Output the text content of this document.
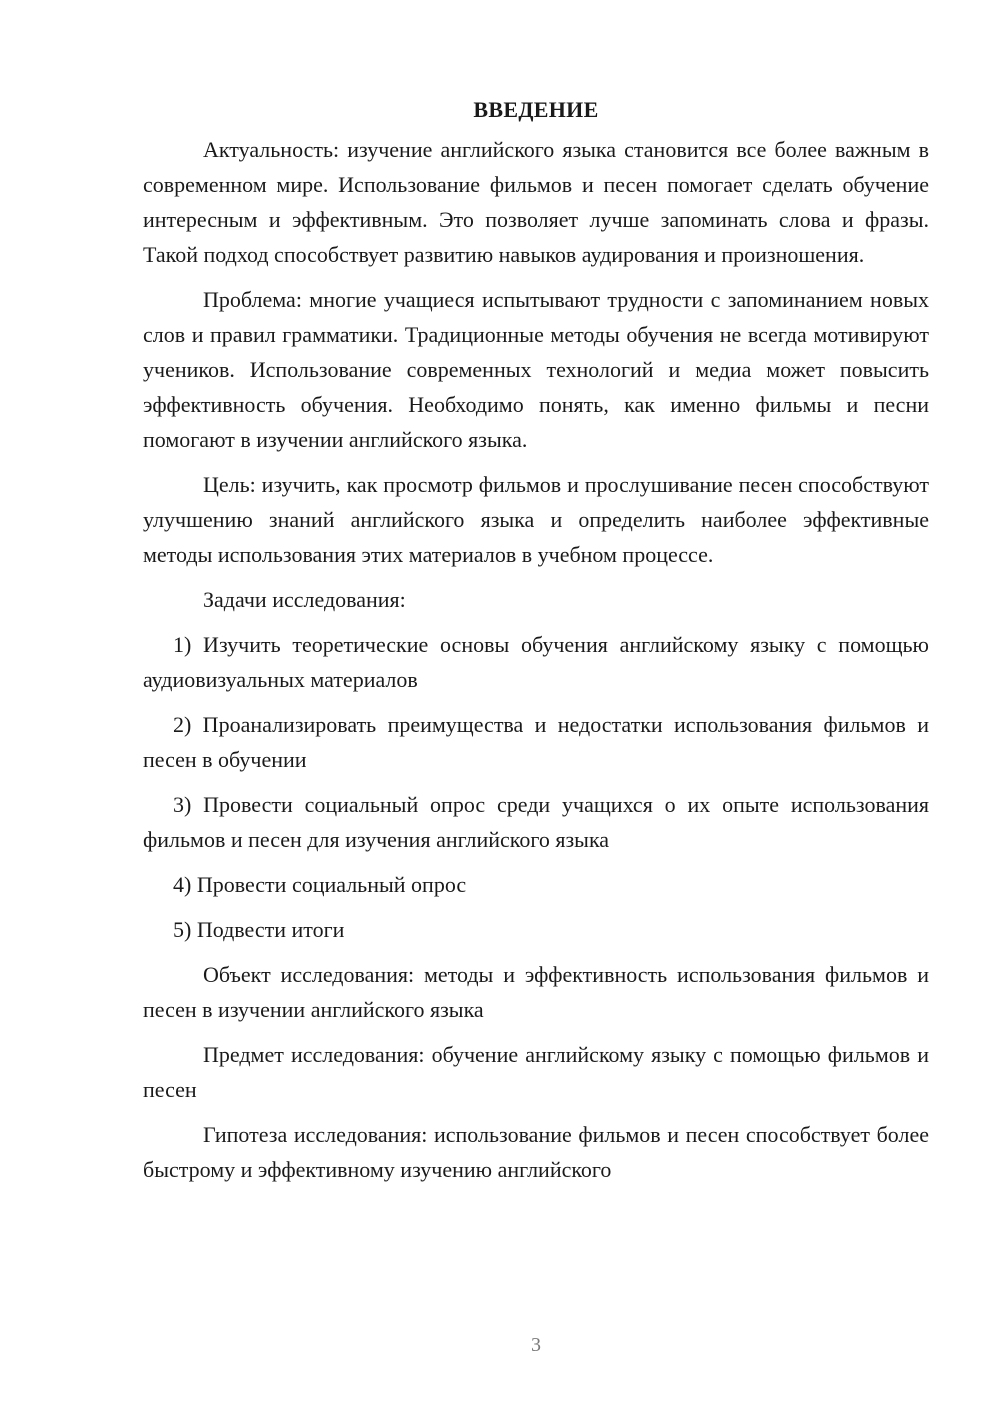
ВВЕДЕНИЕ

Актуальность: изучение английского языка становится все более важным в современном мире. Использование фильмов и песен помогает сделать обучение интересным и эффективным. Это позволяет лучше запоминать слова и фразы. Такой подход способствует развитию навыков аудирования и произношения.

Проблема: многие учащиеся испытывают трудности с запоминанием новых слов и правил грамматики. Традиционные методы обучения не всегда мотивируют учеников. Использование современных технологий и медиа может повысить эффективность обучения. Необходимо понять, как именно фильмы и песни помогают в изучении английского языка.

Цель: изучить, как просмотр фильмов и прослушивание песен способствуют улучшению знаний английского языка и определить наиболее эффективные методы использования этих материалов в учебном процессе.

Задачи исследования:

1) Изучить теоретические основы обучения английскому языку с помощью аудиовизуальных материалов

2) Проанализировать преимущества и недостатки использования фильмов и песен в обучении

3) Провести социальный опрос среди учащихся о их опыте использования фильмов и песен для изучения английского языка

4) Провести социальный опрос

5) Подвести итоги

Объект исследования: методы и эффективность использования фильмов и песен в изучении английского языка

Предмет исследования: обучение английскому языку с помощью фильмов и песен

Гипотеза исследования: использование фильмов и песен способствует более быстрому и эффективному изучению английского

3
